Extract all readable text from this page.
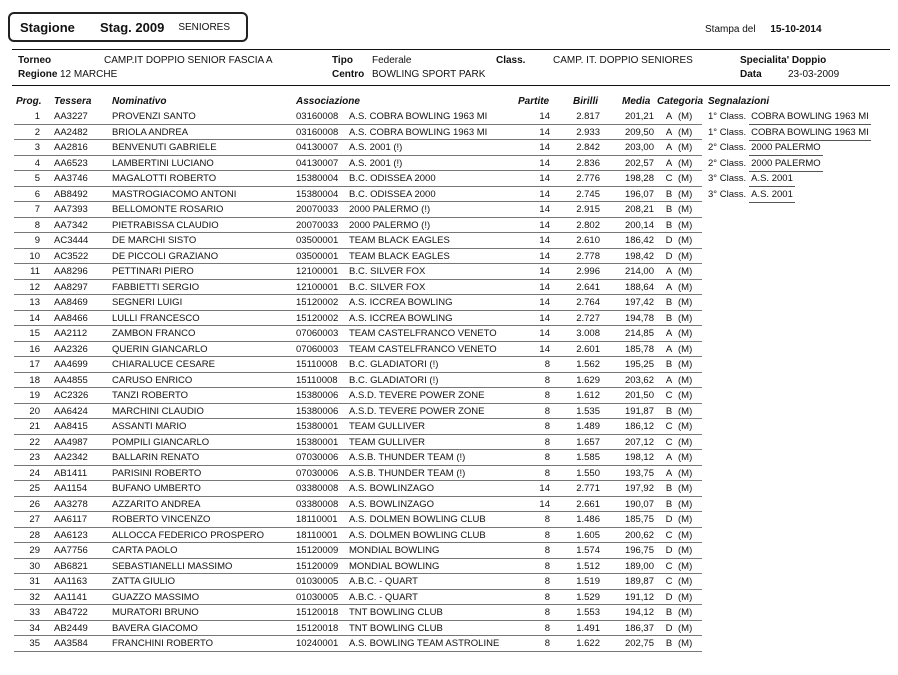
Stagione	Stag. 2009 SENIORES	Stampa del 15-10-2014
Torneo	CAMP.IT DOPPIO SENIOR FASCIA A
Regione 12 MARCHE
Tipo Federale
Centro BOWLING SPORT PARK
Class.	CAMP. IT. DOPPIO SENIORES	Specialita' Doppio
Data	23-03-2009
Prog. Tessera Nominativo	Associazione	Partite Birilli Media Categoria Segnalazioni
1 AA3227	PROVENZI SANTO	03160008	A.S. COBRA BOWLING 1963 MI	14	2.817	201,21 A (M)	1° Class. COBRA BOWLING 1963 MI
2 AA2482	BRIOLA ANDREA	03160008	A.S. COBRA BOWLING 1963 MI	14	2.933	209,50 A (M)	1° Class. COBRA BOWLING 1963 MI
3 AA2816	BENVENUTI GABRIELE	04130007	A.S. 2001 (!)	14	2.842	203,00 A (M)	2° Class. 2000 PALERMO
4 AA6523	LAMBERTINI LUCIANO	04130007	A.S. 2001 (!)	14	2.836	202,57 A (M)	2° Class. 2000 PALERMO
5 AA3746	MAGALOTTI ROBERTO	15380004	B.C. ODISSEA 2000	14	2.776	198,28 C (M)	3° Class. A.S. 2001
6 AB8492	MASTROGIACOMO ANTONI	15380004	B.C. ODISSEA 2000	14	2.745	196,07 B (M)	3° Class. A.S. 2001
7 AA7393	BELLOMONTE ROSARIO	20070033	2000 PALERMO (!)	14	2.915	208,21 B (M)
8 AA7342	PIETRABISSA CLAUDIO	20070033	2000 PALERMO (!)	14	2.802	200,14 B (M)
9 AC3444	DE MARCHI SISTO	03500001	TEAM BLACK EAGLES	14	2.610	186,42 D (M)
10 AC3522	DE PICCOLI GRAZIANO	03500001	TEAM BLACK EAGLES	14	2.778	198,42 D (M)
11 AA8296	PETTINARI PIERO	12100001	B.C. SILVER FOX	14	2.996	214,00 A (M)
12 AA8297	FABBIETTI SERGIO	12100001	B.C. SILVER FOX	14	2.641	188,64 A (M)
13 AA8469	SEGNERI LUIGI	15120002	A.S. ICCREA BOWLING	14	2.764	197,42 B (M)
14 AA8466	LULLI FRANCESCO	15120002	A.S. ICCREA BOWLING	14	2.727	194,78 B (M)
15 AA2112	ZAMBON FRANCO	07060003	TEAM CASTELFRANCO VENETO	14	3.008	214,85 A (M)
16 AA2326	QUERIN GIANCARLO	07060003	TEAM CASTELFRANCO VENETO	14	2.601	185,78 A (M)
17 AA4699	CHIARALUCE CESARE	15110008	B.C. GLADIATORI (!)	8	1.562	195,25 B (M)
18 AA4855	CARUSO ENRICO	15110008	B.C. GLADIATORI (!)	8	1.629	203,62 A (M)
19 AC2326	TANZI ROBERTO	15380006	A.S.D. TEVERE POWER ZONE	8	1.612	201,50 C (M)
20 AA6424	MARCHINI CLAUDIO	15380006	A.S.D. TEVERE POWER ZONE	8	1.535	191,87 B (M)
21 AA8415	ASSANTI MARIO	15380001	TEAM GULLIVER	8	1.489	186,12 C (M)
22 AA4987	POMPILI GIANCARLO	15380001	TEAM GULLIVER	8	1.657	207,12 C (M)
23 AA2342	BALLARIN RENATO	07030006	A.S.B. THUNDER TEAM (!)	8	1.585	198,12 A (M)
24 AB1411	PARISINI ROBERTO	07030006	A.S.B. THUNDER TEAM (!)	8	1.550	193,75 A (M)
25 AA1154	BUFANO UMBERTO	03380008	A.S. BOWLINZAGO	14	2.771	197,92 B (M)
26 AA3278	AZZARITO ANDREA	03380008	A.S. BOWLINZAGO	14	2.661	190,07 B (M)
27 AA6117	ROBERTO VINCENZO	18110001	A.S. DOLMEN BOWLING CLUB	8	1.486	185,75 D (M)
28 AA6123	ALLOCCA FEDERICO PROSPERO	18110001	A.S. DOLMEN BOWLING CLUB	8	1.605	200,62 C (M)
29 AA7756	CARTA PAOLO	15120009	MONDIAL BOWLING	8	1.574	196,75 D (M)
30 AB6821	SEBASTIANELLI MASSIMO	15120009	MONDIAL BOWLING	8	1.512	189,00 C (M)
31 AA1163	ZATTA GIULIO	01030005	A.B.C. - QUART	8	1.519	189,87 C (M)
32 AA1141	GUAZZO MASSIMO	01030005	A.B.C. - QUART	8	1.529	191,12 D (M)
33 AB4722	MURATORI BRUNO	15120018	TNT BOWLING CLUB	8	1.553	194,12 B (M)
34 AB2449	BAVERA GIACOMO	15120018	TNT BOWLING CLUB	8	1.491	186,37 D (M)
35 AA3584	FRANCHINI ROBERTO	10240001	A.S. BOWLING TEAM ASTROLINE	8	1.622	202,75 B (M)
